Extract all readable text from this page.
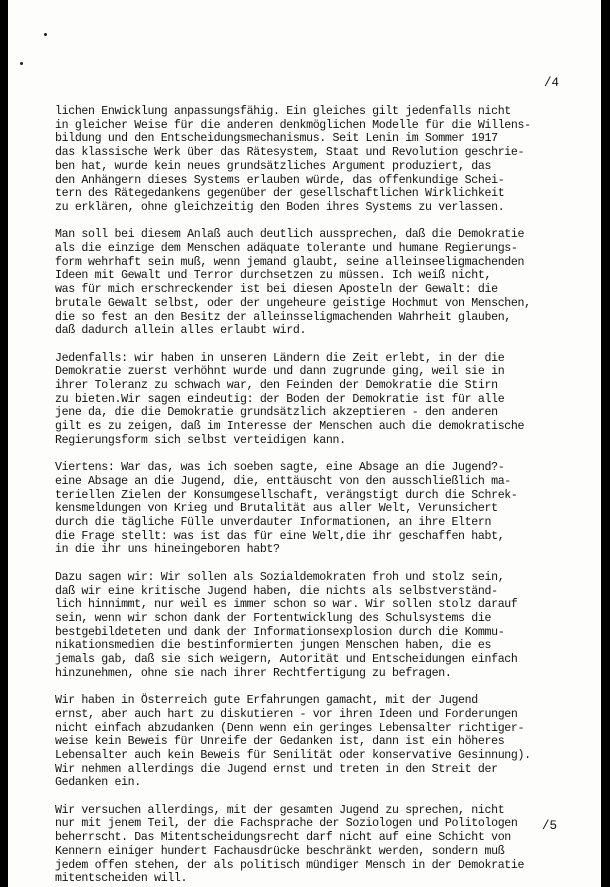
/4

lichen Enwicklung anpassungsfähig. Ein gleiches gilt jedenfalls nicht
in gleicher Weise für die anderen denkmöglichen Modelle für die Willens-
bildung und den Entscheidungsmechanismus. Seit Lenin im Sommer 1917
das klassische Werk über das Rätesystem, Staat und Revolution geschrie-
ben hat, wurde kein neues grundsätzliches Argument produziert, das
den Anhängern dieses Systems erlauben würde, das offenkundige Schei-
tern des Rätegedankens gegenüber der gesellschaftlichen Wirklichkeit
zu erklären, ohne gleichzeitig den Boden ihres Systems zu verlassen.

Man soll bei diesem Anlaß auch deutlich aussprechen, daß die Demokratie
als die einzige dem Menschen adäquate tolerante und humane Regierungs-
form wehrhaft sein muß, wenn jemand glaubt, seine alleinseeligmachenden
Ideen mit Gewalt und Terror durchsetzen zu müssen. Ich weiß nicht,
was für mich erschreckender ist bei diesen Aposteln der Gewalt: die
brutale Gewalt selbst, oder der ungeheure geistige Hochmut von Menschen,
die so fest an den Besitz der alleinsseligmachenden Wahrheit glauben,
daß dadurch allein alles erlaubt wird.

Jedenfalls: wir haben in unseren Ländern die Zeit erlebt, in der die
Demokratie zuerst verhöhnt wurde und dann zugrunde ging, weil sie in
ihrer Toleranz zu schwach war, den Feinden der Demokratie die Stirn
zu bieten.Wir sagen eindeutig: der Boden der Demokratie ist für alle
jene da, die die Demokratie grundsätzlich akzeptieren - den anderen
gilt es zu zeigen, daß im Interesse der Menschen auch die demokratische
Regierungsform sich selbst verteidigen kann.

Viertens: War das, was ich soeben sagte, eine Absage an die Jugend?-
eine Absage an die Jugend, die, enttäuscht von den ausschließlich ma-
teriellen Zielen der Konsumgesellschaft, verängstigt durch die Schrek-
kensmeldungen von Krieg und Brutalität aus aller Welt, Verunsichert
durch die tägliche Fülle unverdauter Informationen, an ihre Eltern
die Frage stellt: was ist das für eine Welt,die ihr geschaffen habt,
in die ihr uns hineingeboren habt?

Dazu sagen wir: Wir sollen als Sozialdemokraten froh und stolz sein,
daß wir eine kritische Jugend haben, die nichts als selbstverständ-
lich hinnimmt, nur weil es immer schon so war. Wir sollen stolz darauf
sein, wenn wir schon dank der Fortentwicklung des Schulsystems die
bestgebildeteten und dank der Informationsexplosion durch die Kommu-
nikationsmedien die bestinformierten jungen Menschen haben, die es
jemals gab, daß sie sich weigern, Autorität und Entscheidungen einfach
hinzunehmen, ohne sie nach ihrer Rechtfertigung zu befragen.

Wir haben in Österreich gute Erfahrungen gamacht, mit der Jugend
ernst, aber auch hart zu diskutieren - vor ihren Ideen und Forderungen
nicht einfach abzudanken (Denn wenn ein geringes Lebensalter richtiger-
weise kein Beweis für Unreife der Gedanken ist, dann ist ein höheres
Lebensalter auch kein Beweis für Senilität oder konservative Gesinnung).
Wir nehmen allerdings die Jugend ernst und treten in den Streit der
Gedanken ein.

Wir versuchen allerdings, mit der gesamten Jugend zu sprechen, nicht
nur mit jenem Teil, der die Fachsprache der Soziologen und Politologen
beherrscht. Das Mitentscheidungsrecht darf nicht auf eine Schicht von
Kennern einiger hundert Fachausdrücke beschränkt werden, sondern muß
jedem offen stehen, der als politisch mündiger Mensch in der Demokratie
mitentscheiden will.

/5
